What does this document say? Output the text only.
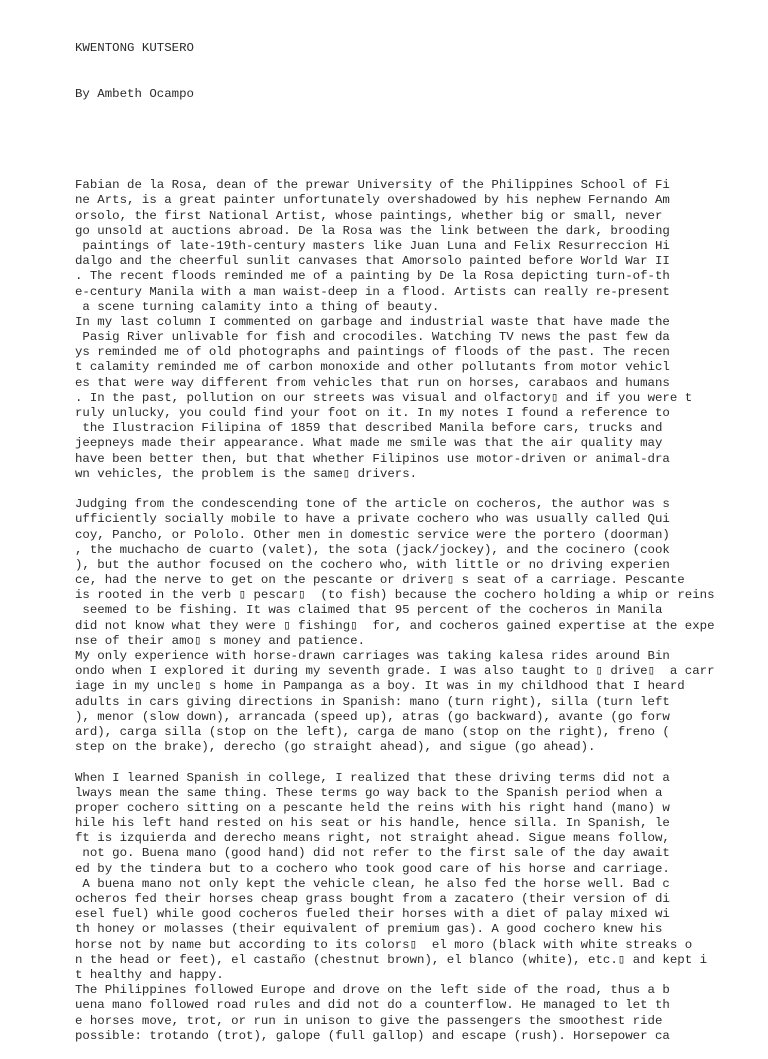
KWENTONG KUTSERO

By Ambeth Ocampo

Fabian de la Rosa, dean of the prewar University of the Philippines School of Fi
ne Arts, is a great painter unfortunately overshadowed by his nephew Fernando Am
orsolo, the first National Artist, whose paintings, whether big or small, never
go unsold at auctions abroad. De la Rosa was the link between the dark, brooding
paintings of late-19th-century masters like Juan Luna and Felix Resurreccion Hi
dalgo and the cheerful sunlit canvases that Amorsolo painted before World War II
. The recent floods reminded me of a painting by De la Rosa depicting turn-of-th
e-century Manila with a man waist-deep in a flood. Artists can really re-present
a scene turning calamity into a thing of beauty.
In my last column I commented on garbage and industrial waste that have made the
Pasig River unlivable for fish and crocodiles. Watching TV news the past few da
ys reminded me of old photographs and paintings of floods of the past. The recen
t calamity reminded me of carbon monoxide and other pollutants from motor vehicl
es that were way different from vehicles that run on horses, carabaos and humans
. In the past, pollution on our streets was visual and olfactory▯ and if you were t
ruly unlucky, you could find your foot on it. In my notes I found a reference to
the Ilustracion Filipina of 1859 that described Manila before cars, trucks and
jeepneys made their appearance. What made me smile was that the air quality may
have been better then, but that whether Filipinos use motor-driven or animal-dra
wn vehicles, the problem is the same▯ drivers.
Judging from the condescending tone of the article on cocheros, the author was s
ufficiently socially mobile to have a private cochero who was usually called Qui
coy, Pancho, or Pololo. Other men in domestic service were the portero (doorman)
, the muchacho de cuarto (valet), the sota (jack/jockey), and the cocinero (cook
), but the author focused on the cochero who, with little or no driving experien
ce, had the nerve to get on the pescante or driver▯ s seat of a carriage. Pescante
is rooted in the verb ▯ pescar▯  (to fish) because the cochero holding a whip or reins
seemed to be fishing. It was claimed that 95 percent of the cocheros in Manila
did not know what they were ▯ fishing▯  for, and cocheros gained expertise at the expe
nse of their amo▯ s money and patience.
My only experience with horse-drawn carriages was taking kalesa rides around Bin
ondo when I explored it during my seventh grade. I was also taught to ▯ drive▯  a carr
iage in my uncle▯ s home in Pampanga as a boy. It was in my childhood that I heard
adults in cars giving directions in Spanish: mano (turn right), silla (turn left
), menor (slow down), arrancada (speed up), atras (go backward), avante (go forw
ard), carga silla (stop on the left), carga de mano (stop on the right), freno (
step on the brake), derecho (go straight ahead), and sigue (go ahead).
When I learned Spanish in college, I realized that these driving terms did not a
lways mean the same thing. These terms go way back to the Spanish period when a
proper cochero sitting on a pescante held the reins with his right hand (mano) w
hile his left hand rested on his seat or his handle, hence silla. In Spanish, le
ft is izquierda and derecho means right, not straight ahead. Sigue means follow,
not go. Buena mano (good hand) did not refer to the first sale of the day await
ed by the tindera but to a cochero who took good care of his horse and carriage.
A buena mano not only kept the vehicle clean, he also fed the horse well. Bad c
ocheros fed their horses cheap grass bought from a zacatero (their version of di
esel fuel) while good cocheros fueled their horses with a diet of palay mixed wi
th honey or molasses (their equivalent of premium gas). A good cochero knew his
horse not by name but according to its colors▯  el moro (black with white streaks o
n the head or feet), el castaño (chestnut brown), el blanco (white), etc.▯ and kept i
t healthy and happy.
The Philippines followed Europe and drove on the left side of the road, thus a b
uena mano followed road rules and did not do a counterflow. He managed to let th
e horses move, trot, or run in unison to give the passengers the smoothest ride
possible: trotando (trot), galope (full gallop) and escape (rush). Horsepower ca
